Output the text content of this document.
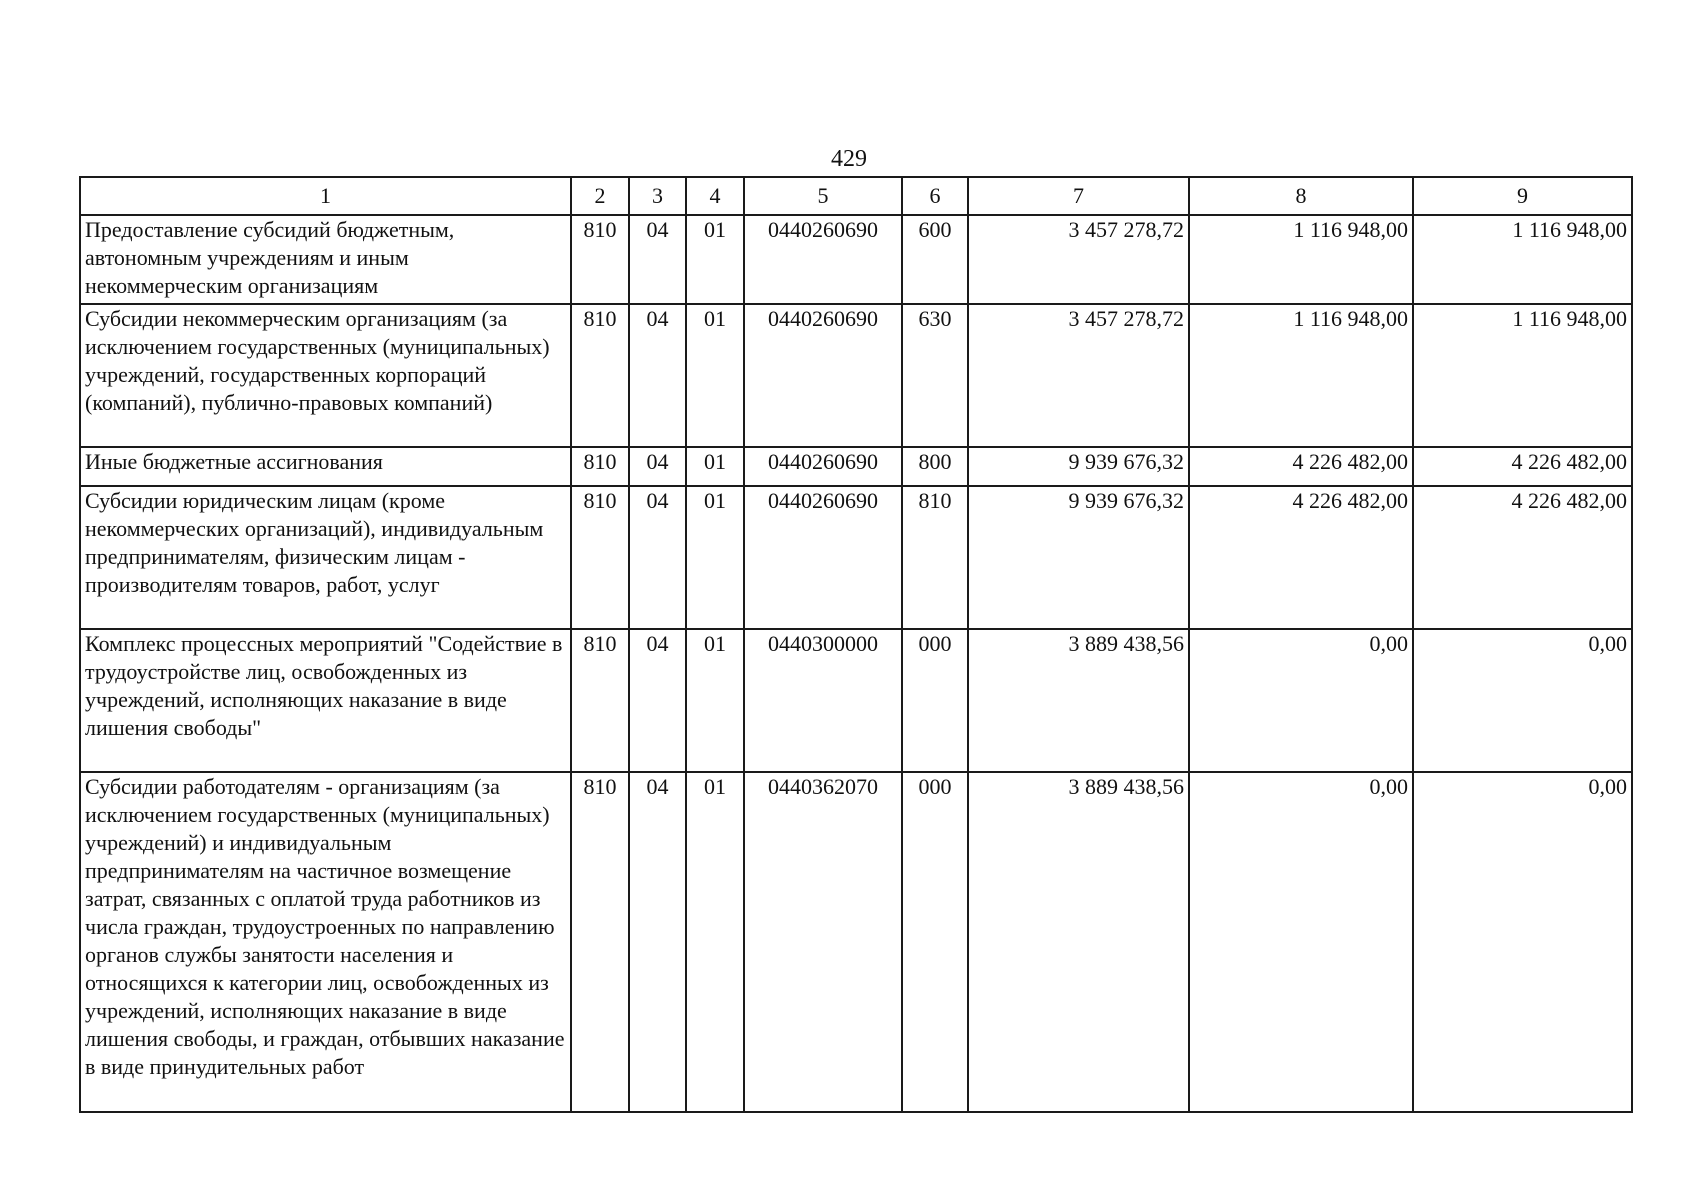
429
1	2	3	4	5	6	7	8	9
Предоставление субсидий бюджетным, автономным учреждениям и иным некоммерческим организациям	810	04	01	0440260690	600	3 457 278,72	1 116 948,00	1 116 948,00
Субсидии некоммерческим организациям (за исключением государственных (муниципальных) учреждений, государственных корпораций (компаний), публично-правовых компаний)	810	04	01	0440260690	630	3 457 278,72	1 116 948,00	1 116 948,00
Иные бюджетные ассигнования	810	04	01	0440260690	800	9 939 676,32	4 226 482,00	4 226 482,00
Субсидии юридическим лицам (кроме некоммерческих организаций), индивидуальным предпринимателям, физическим лицам - производителям товаров, работ, услуг	810	04	01	0440260690	810	9 939 676,32	4 226 482,00	4 226 482,00
Комплекс процессных мероприятий "Содействие в трудоустройстве лиц, освобожденных из учреждений, исполняющих наказание в виде лишения свободы"	810	04	01	0440300000	000	3 889 438,56	0,00	0,00
Субсидии работодателям - организациям (за исключением государственных (муниципальных) учреждений) и индивидуальным предпринимателям на частичное возмещение затрат, связанных с оплатой труда работников из числа граждан, трудоустроенных по направлению органов службы занятости населения и относящихся к категории лиц, освобожденных из учреждений, исполняющих наказание в виде лишения свободы, и граждан, отбывших наказание в виде принудительных работ	810	04	01	0440362070	000	3 889 438,56	0,00	0,00
